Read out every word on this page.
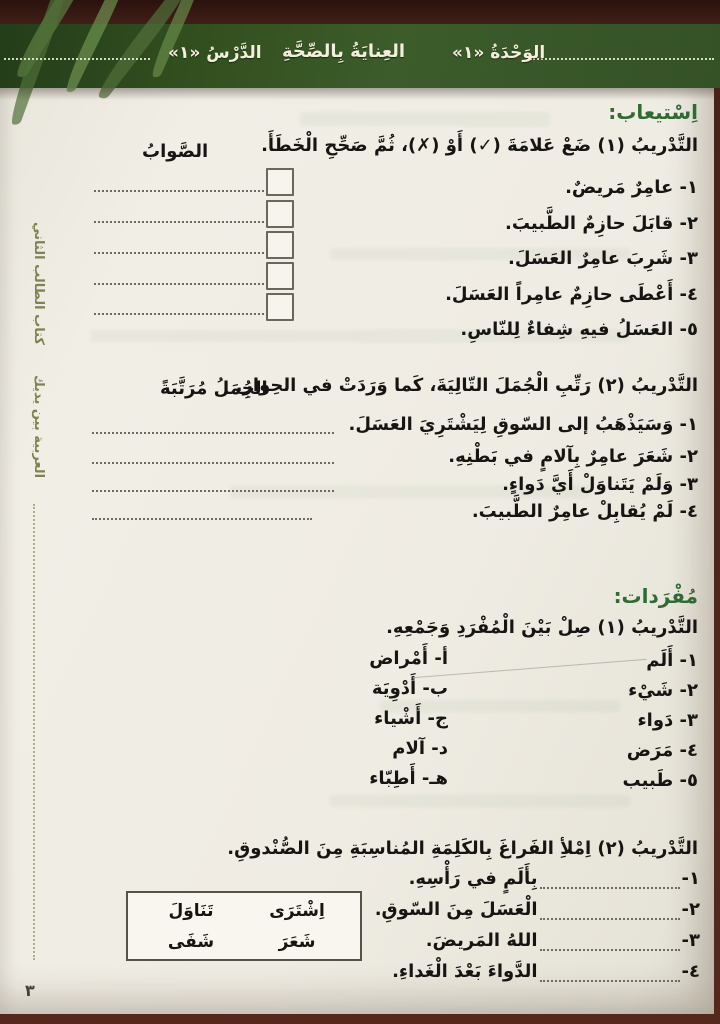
الوَحْدَةُ «١»
العِنايَةُ بِالصِّحَّةِ
الدَّرْسُ «١»
العربية بين يديككتاب الطالب الثاني
اِسْتيعاب:
التَّدْريبُ (١) ضَعْ عَلامَةَ (✓) أَوْ (✗)، ثُمَّ صَحِّحِ الْخَطَأَ.
الصَّوابُ
١- عامِرٌ مَريضٌ.
٢- قابَلَ حازِمٌ الطَّبيبَ.
٣- شَرِبَ عامِرٌ العَسَلَ.
٤- أَعْطَى حازِمٌ عامِراً العَسَلَ.
٥- العَسَلُ فيهِ شِفاءٌ لِلنّاسِ.
التَّدْريبُ (٢) رَتِّبِ الْجُمَلَ التّالِيَةَ، كَما وَرَدَتْ في الحِوارِ.
الجُمَلُ مُرَتَّبَةً
١- وَسَيَذْهَبُ إلى السّوقِ لِيَشْتَرِيَ العَسَلَ.
٢- شَعَرَ عامِرٌ بِآلامٍ في بَطْنِهِ.
٣- وَلَمْ يَتَناوَلْ أَيَّ دَواءٍ.
٤- لَمْ يُقابِلْ عامِرٌ الطَّبيبَ.
مُفْرَدات:
التَّدْريبُ (١) صِلْ بَيْنَ الْمُفْرَدِ وَجَمْعِهِ.
١- أَلَم
٢- شَيْء
٣- دَواء
٤- مَرَض
٥- طَبيب
أ- أَمْراض
ب- أَدْوِيَة
ج- أَشْياء
د- آلام
هـ- أَطِبّاء
التَّدْريبُ (٢) اِمْلأِ الفَراغَ بِالكَلِمَةِ المُناسِبَةِ مِنَ الصُّنْدوقِ.
١-
بِأَلَمٍ في رَأْسِهِ.
٢-
الْعَسَلَ مِنَ السّوقِ.
٣-
اللهُ المَريضَ.
٤-
الدَّواءَ بَعْدَ الْغَداءِ.
اِشْتَرَى
تَنَاوَلَ
شَعَرَ
شَفَى
٣
